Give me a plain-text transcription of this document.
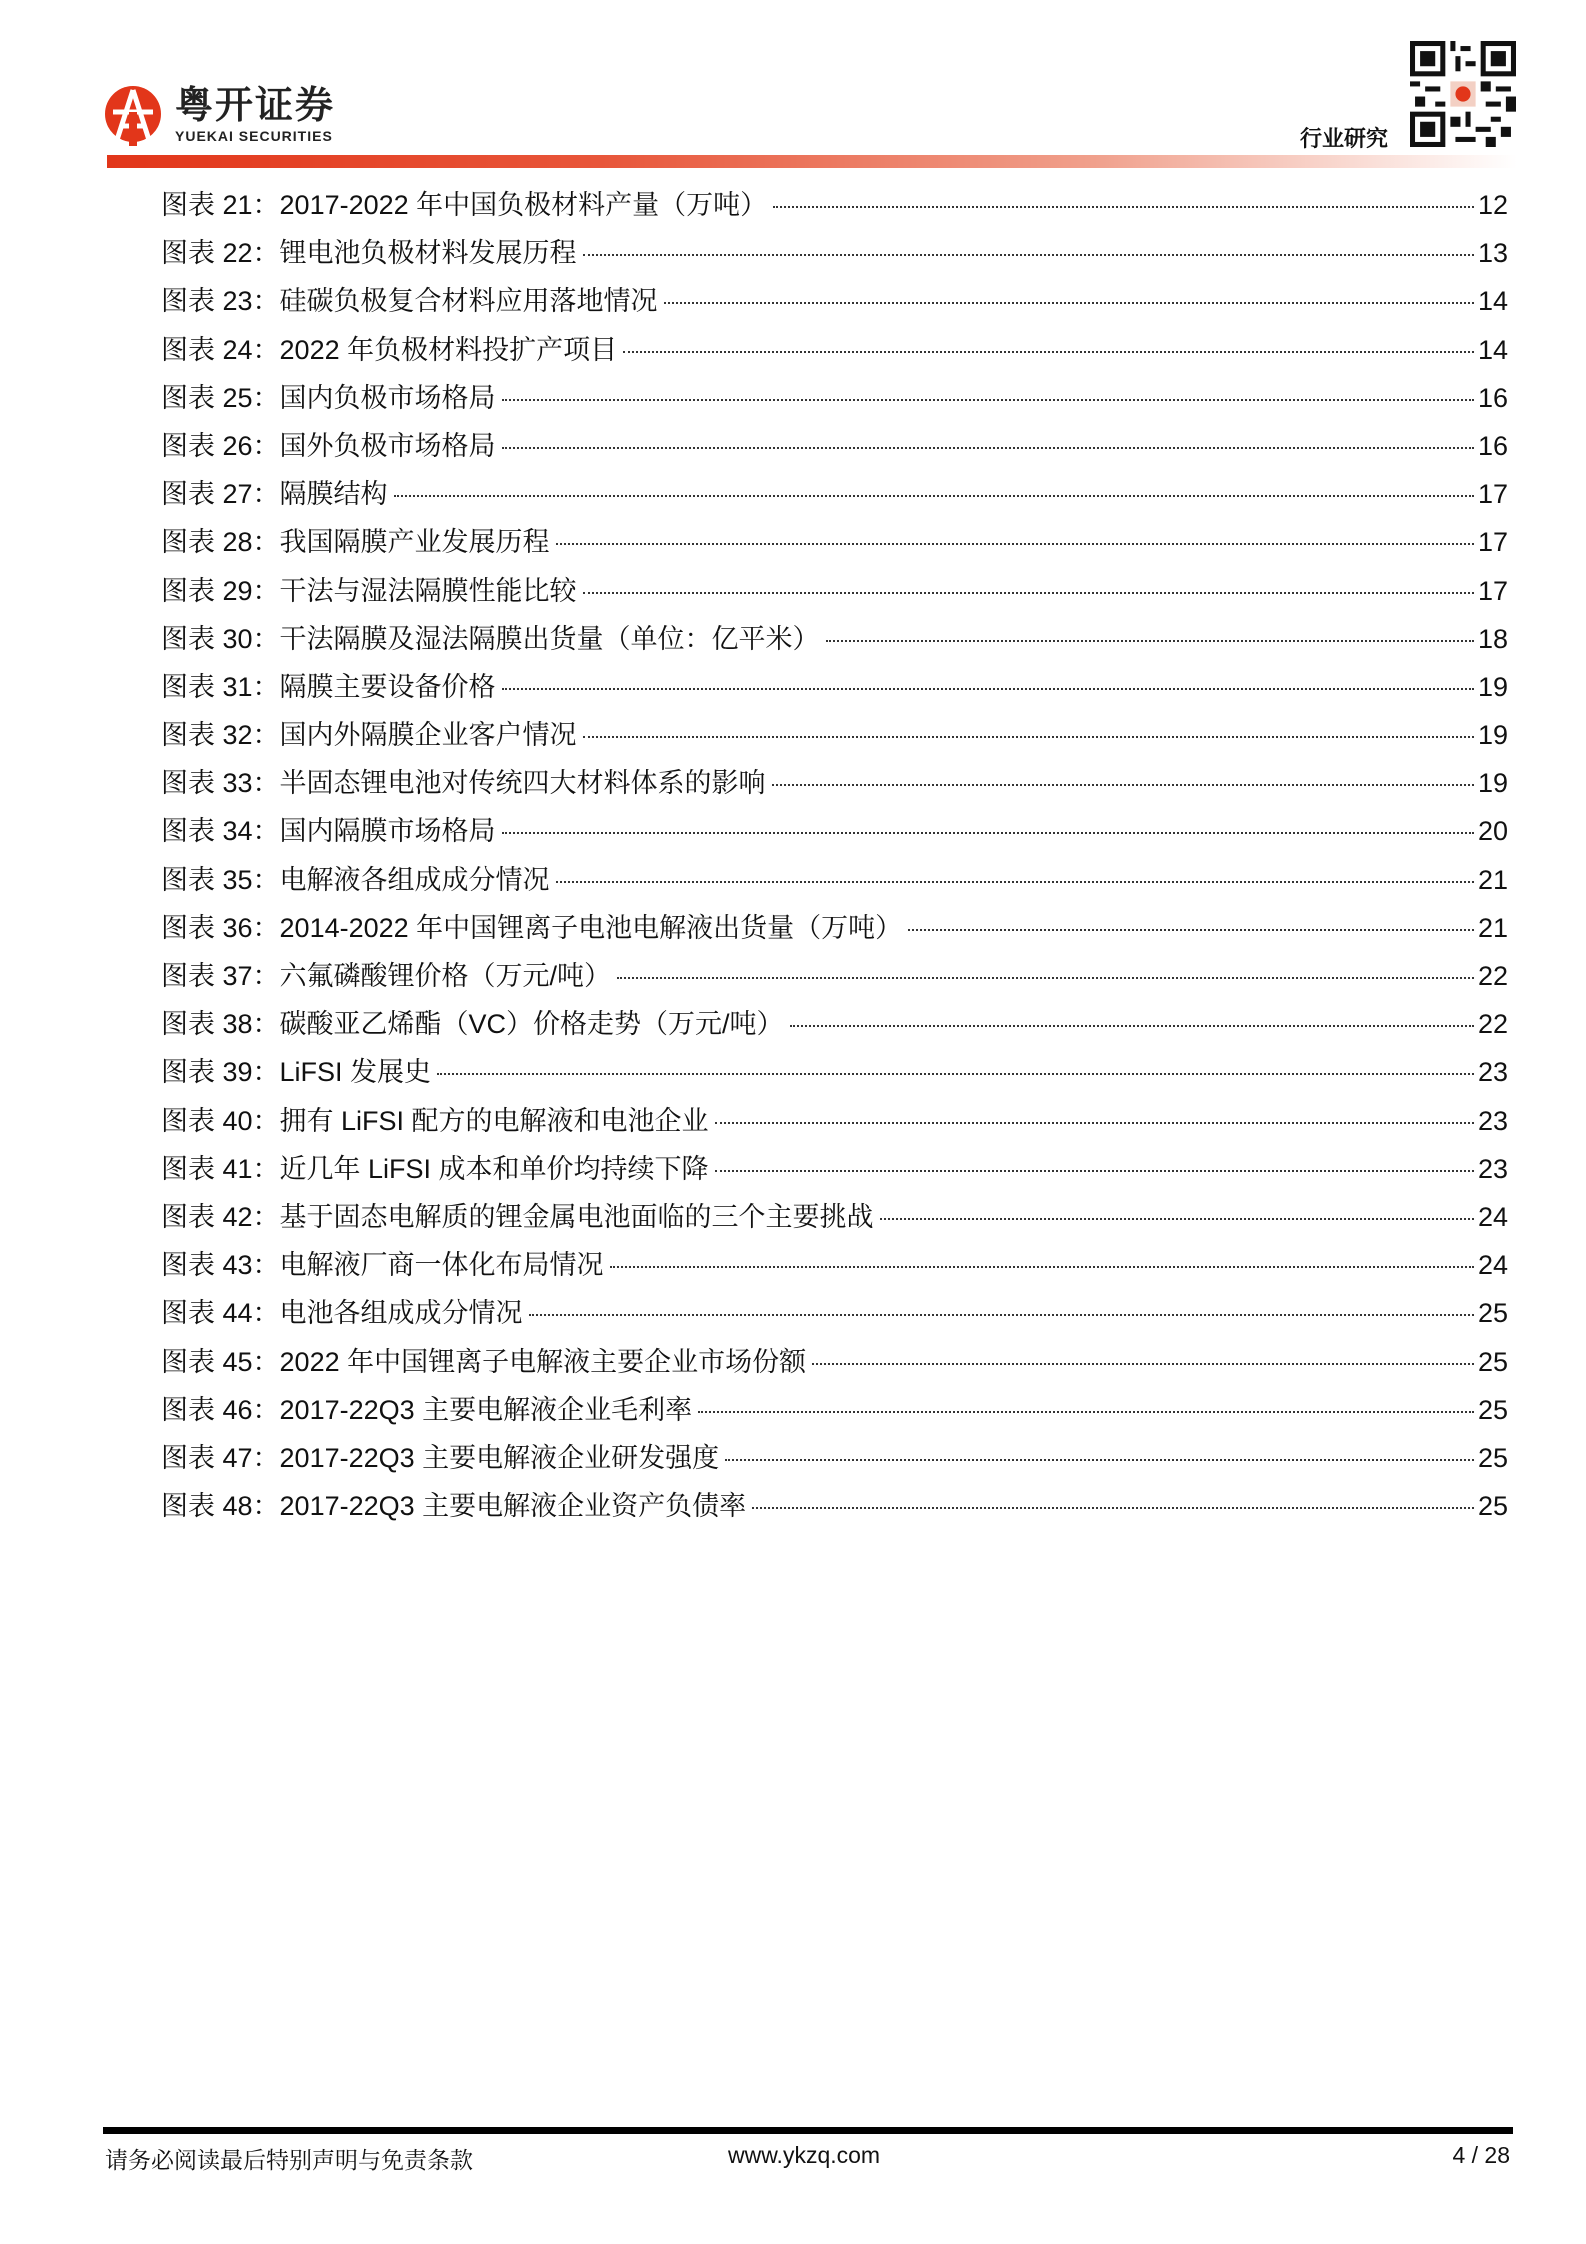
粤开证券
YUEKAI SECURITIES	行业研究
图表 21：2017-2022 年中国负极材料产量（万吨）	12
图表 22：锂电池负极材料发展历程	13
图表 23：硅碳负极复合材料应用落地情况	14
图表 24：2022 年负极材料投扩产项目	14
图表 25：国内负极市场格局	16
图表 26：国外负极市场格局	16
图表 27：隔膜结构	17
图表 28：我国隔膜产业发展历程	17
图表 29：干法与湿法隔膜性能比较	17
图表 30：干法隔膜及湿法隔膜出货量（单位：亿平米）	18
图表 31：隔膜主要设备价格	19
图表 32：国内外隔膜企业客户情况	19
图表 33：半固态锂电池对传统四大材料体系的影响	19
图表 34：国内隔膜市场格局	20
图表 35：电解液各组成成分情况	21
图表 36：2014-2022 年中国锂离子电池电解液出货量（万吨）	21
图表 37：六氟磷酸锂价格（万元/吨）	22
图表 38：碳酸亚乙烯酯（VC）价格走势（万元/吨）	22
图表 39：LiFSI 发展史	23
图表 40：拥有 LiFSI 配方的电解液和电池企业	23
图表 41：近几年 LiFSI 成本和单价均持续下降	23
图表 42：基于固态电解质的锂金属电池面临的三个主要挑战	24
图表 43：电解液厂商一体化布局情况	24
图表 44：电池各组成成分情况	25
图表 45：2022 年中国锂离子电解液主要企业市场份额	25
图表 46：2017-22Q3 主要电解液企业毛利率	25
图表 47：2017-22Q3 主要电解液企业研发强度	25
图表 48：2017-22Q3 主要电解液企业资产负债率	25
请务必阅读最后特别声明与免责条款	www.ykzq.com	4 / 28
